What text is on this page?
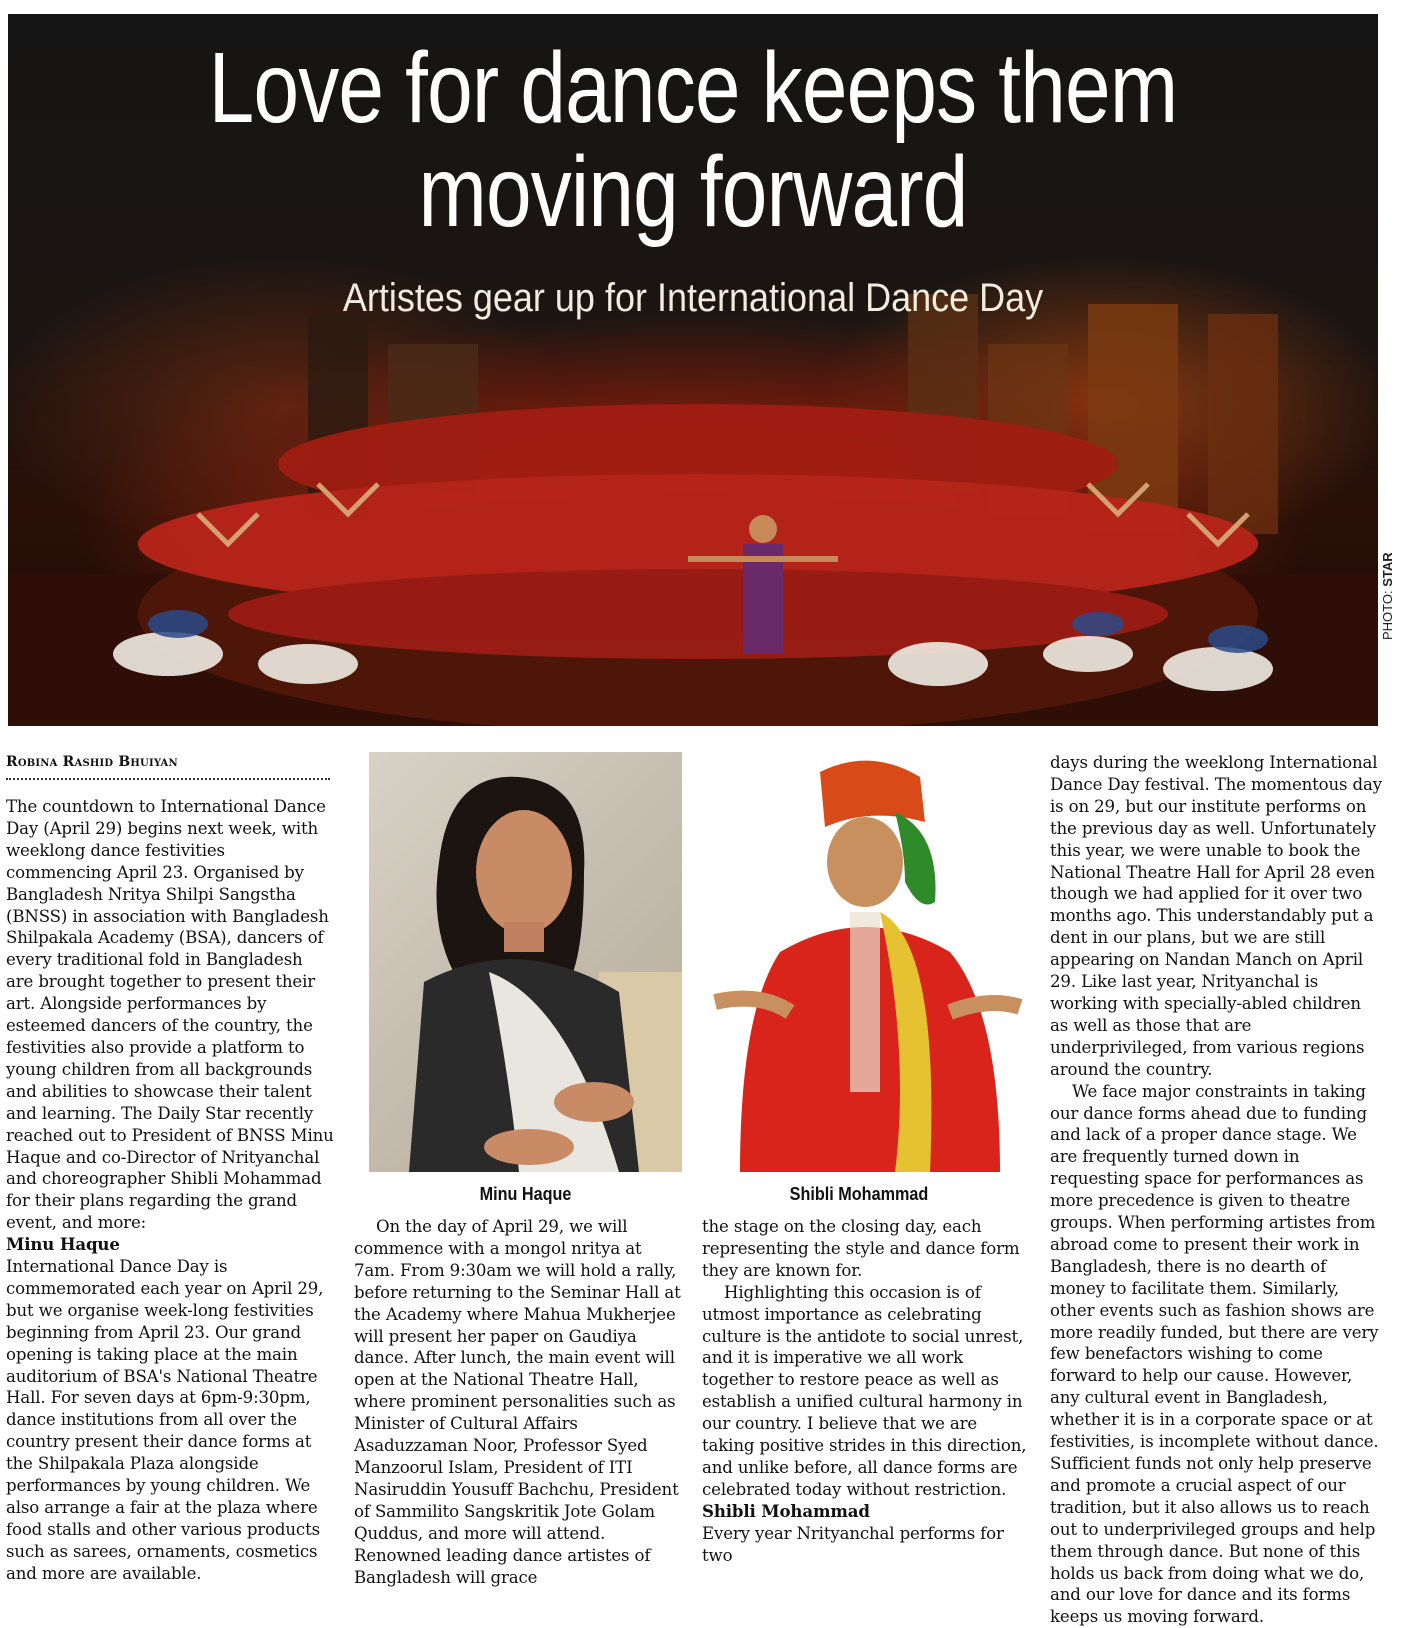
Love for dance keeps them
moving forward
Artistes gear up for International Dance Day
PHOTO: STAR
Robina Rashid Bhuiyan

The countdown to International Dance Day (April 29) begins next week, with weeklong dance festivities commencing April 23. Organised by Bangladesh Nritya Shilpi Sangstha (BNSS) in association with Bangladesh Shilpakala Academy (BSA), dancers of every traditional fold in Bangladesh are brought together to present their art. Alongside performances by esteemed dancers of the country, the festivities also provide a platform to young children from all backgrounds and abilities to showcase their talent and learning. The Daily Star recently reached out to President of BNSS Minu Haque and co-Director of Nrityanchal and choreographer Shibli Mohammad for their plans regarding the grand event, and more:

Minu Haque

International Dance Day is commemorated each year on April 29, but we organise week-long festivities beginning from April 23. Our grand opening is taking place at the main auditorium of BSA's National Theatre Hall. For seven days at 6pm-9:30pm, dance institutions from all over the country present their dance forms at the Shilpakala Plaza alongside performances by young children. We also arrange a fair at the plaza where food stalls and other various products such as sarees, ornaments, cosmetics and more are available.

Minu Haque	Shibli Mohammad

On the day of April 29, we will commence with a mongol nritya at 7am. From 9:30am we will hold a rally, before returning to the Seminar Hall at the Academy where Mahua Mukherjee will present her paper on Gaudiya dance. After lunch, the main event will open at the National Theatre Hall, where prominent personalities such as Minister of Cultural Affairs Asaduzzaman Noor, Professor Syed Manzoorul Islam, President of ITI Nasiruddin Yousuff Bachchu, President of Sammilito Sangskritik Jote Golam Quddus, and more will attend. Renowned leading dance artistes of Bangladesh will grace

the stage on the closing day, each representing the style and dance form they are known for.

Highlighting this occasion is of utmost importance as celebrating culture is the antidote to social unrest, and it is imperative we all work together to restore peace as well as establish a unified cultural harmony in our country. I believe that we are taking positive strides in this direction, and unlike before, all dance forms are celebrated today without restriction.

Shibli Mohammad

Every year Nrityanchal performs for two

days during the weeklong International Dance Day festival. The momentous day is on 29, but our institute performs on the previous day as well. Unfortunately this year, we were unable to book the National Theatre Hall for April 28 even though we had applied for it over two months ago. This understandably put a dent in our plans, but we are still appearing on Nandan Manch on April 29. Like last year, Nrityanchal is working with specially-abled children as well as those that are underprivileged, from various regions around the country.

We face major constraints in taking our dance forms ahead due to funding and lack of a proper dance stage. We are frequently turned down in requesting space for performances as more precedence is given to theatre groups. When performing artistes from abroad come to present their work in Bangladesh, there is no dearth of money to facilitate them. Similarly, other events such as fashion shows are more readily funded, but there are very few benefactors wishing to come forward to help our cause. However, any cultural event in Bangladesh, whether it is in a corporate space or at festivities, is incomplete without dance. Sufficient funds not only help preserve and promote a crucial aspect of our tradition, but it also allows us to reach out to underprivileged groups and help them through dance. But none of this holds us back from doing what we do, and our love for dance and its forms keeps us moving forward.
